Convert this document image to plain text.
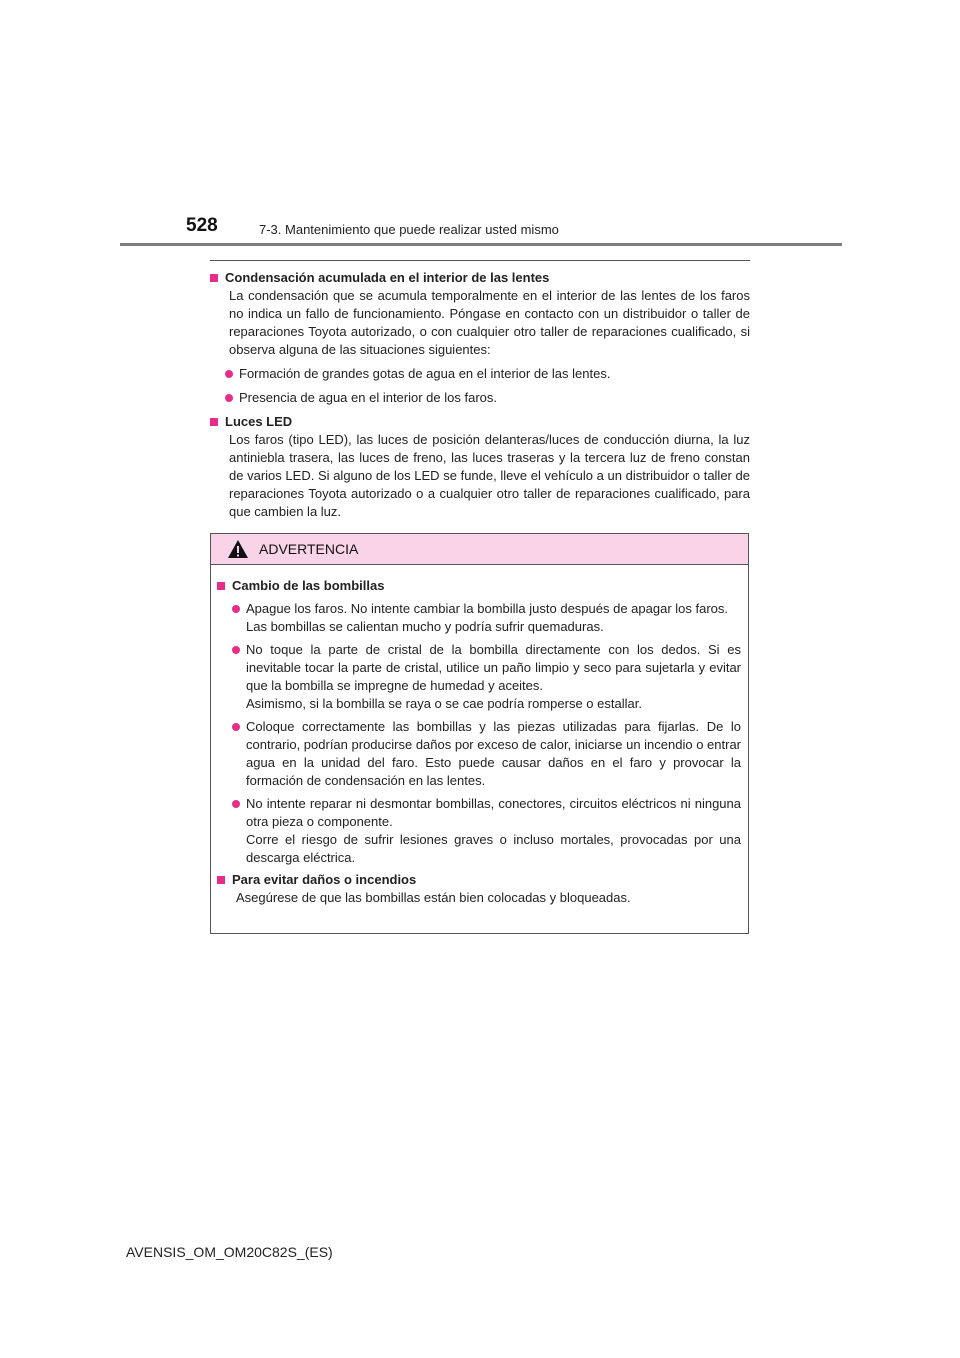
528	7-3. Mantenimiento que puede realizar usted mismo
Condensación acumulada en el interior de las lentes
La condensación que se acumula temporalmente en el interior de las lentes de los faros no indica un fallo de funcionamiento. Póngase en contacto con un distribuidor o taller de reparaciones Toyota autorizado, o con cualquier otro taller de reparaciones cualificado, si observa alguna de las situaciones siguientes:
Formación de grandes gotas de agua en el interior de las lentes.
Presencia de agua en el interior de los faros.
Luces LED
Los faros (tipo LED), las luces de posición delanteras/luces de conducción diurna, la luz antiniebla trasera, las luces de freno, las luces traseras y la tercera luz de freno constan de varios LED. Si alguno de los LED se funde, lleve el vehículo a un distribuidor o taller de reparaciones Toyota autorizado o a cualquier otro taller de reparaciones cualificado, para que cambien la luz.
ADVERTENCIA
Cambio de las bombillas
Apague los faros. No intente cambiar la bombilla justo después de apagar los faros.
Las bombillas se calientan mucho y podría sufrir quemaduras.
No toque la parte de cristal de la bombilla directamente con los dedos. Si es inevitable tocar la parte de cristal, utilice un paño limpio y seco para sujetarla y evitar que la bombilla se impregne de humedad y aceites.
Asimismo, si la bombilla se raya o se cae podría romperse o estallar.
Coloque correctamente las bombillas y las piezas utilizadas para fijarlas. De lo contrario, podrían producirse daños por exceso de calor, iniciarse un incendio o entrar agua en la unidad del faro. Esto puede causar daños en el faro y provocar la formación de condensación en las lentes.
No intente reparar ni desmontar bombillas, conectores, circuitos eléctricos ni ninguna otra pieza o componente.
Corre el riesgo de sufrir lesiones graves o incluso mortales, provocadas por una descarga eléctrica.
Para evitar daños o incendios
Asegúrese de que las bombillas están bien colocadas y bloqueadas.
AVENSIS_OM_OM20C82S_(ES)
